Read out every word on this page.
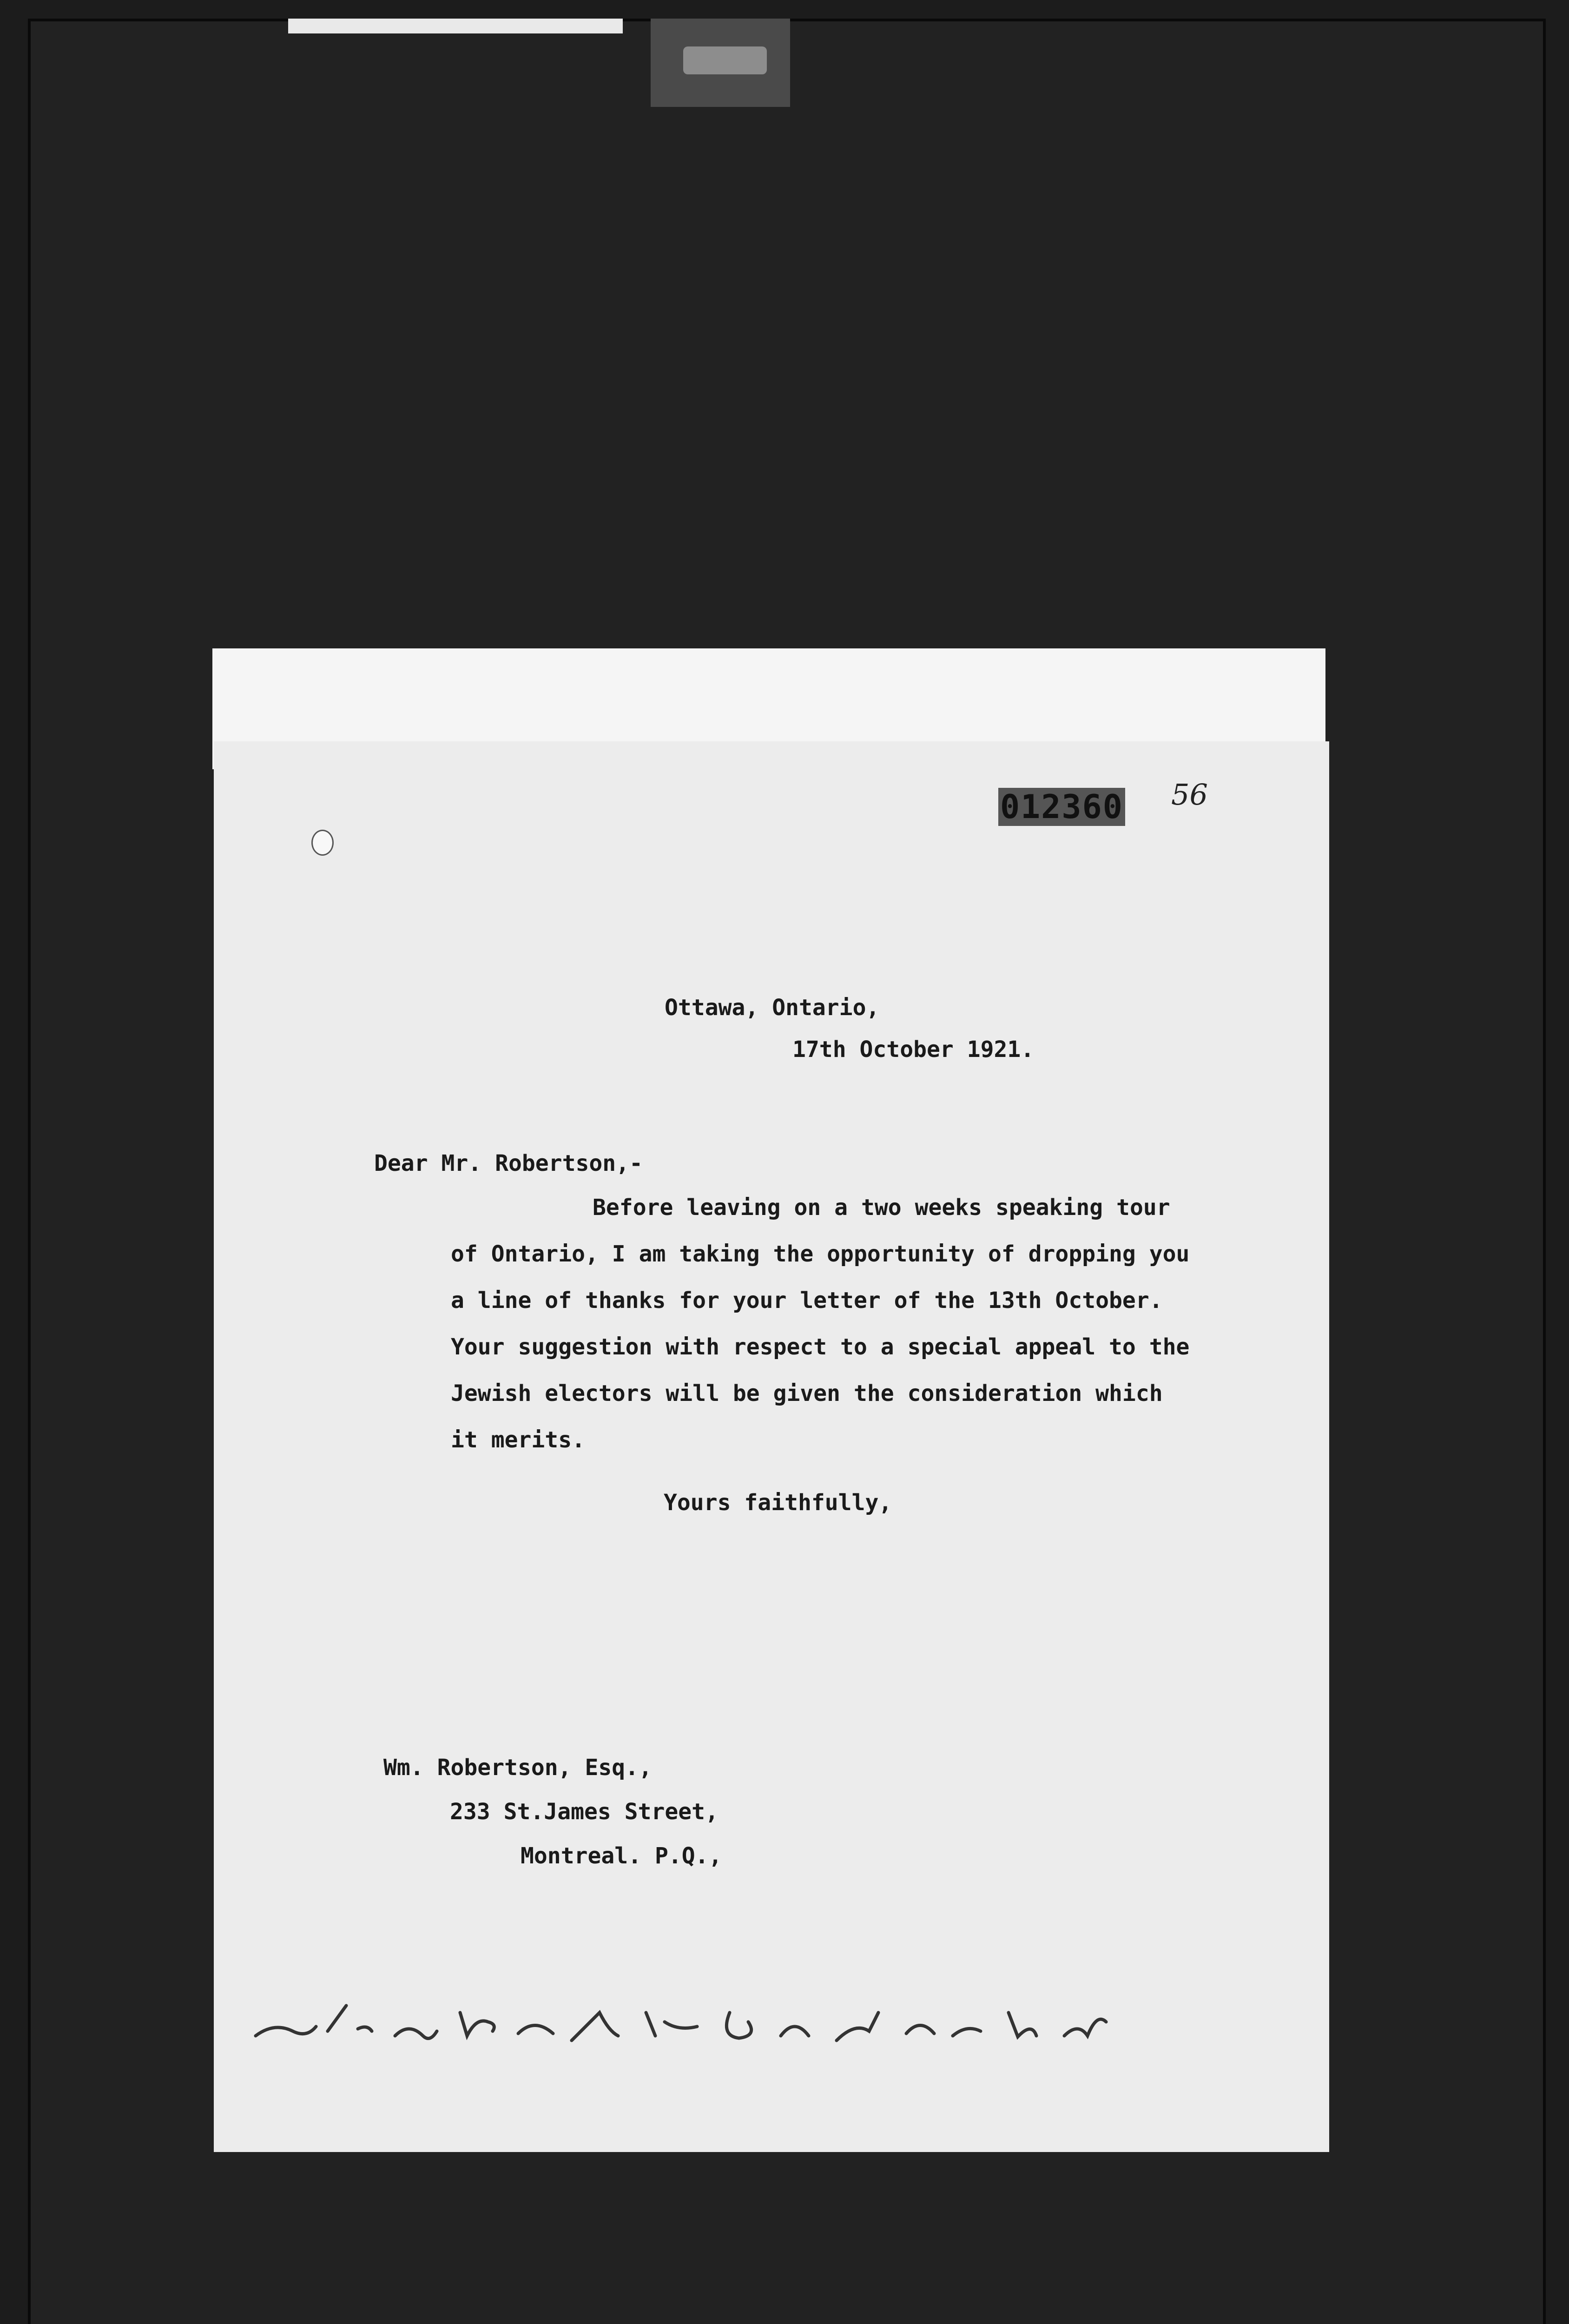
012360 56
Ottawa, Ontario,
17th October 1921.
Dear Mr. Robertson,-
Before leaving on a two weeks speaking tour
of Ontario, I am taking the opportunity of dropping you
a line of thanks for your letter of the 13th October.
Your suggestion with respect to a special appeal to the
Jewish electors will be given the consideration which
it merits.
Yours faithfully,
Wm. Robertson, Esq.,
233 St.James Street,
Montreal. P.Q.,
